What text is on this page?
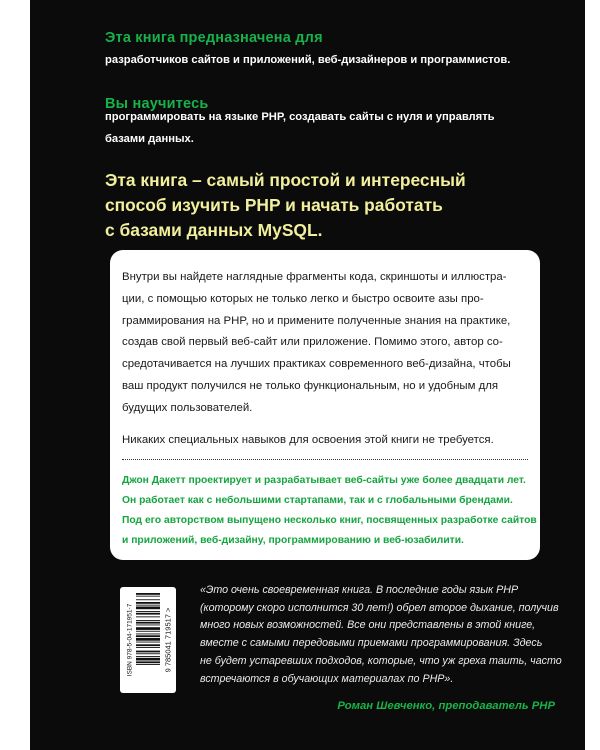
Эта книга предназначена для
разработчиков сайтов и приложений, веб-дизайнеров и программистов.
Вы научитесь
программировать на языке PHP, создавать сайты с нуля и управлять
базами данных.
Эта книга – самый простой и интересный
способ изучить PHP и начать работать
с базами данных MySQL.

Внутри вы найдете наглядные фрагменты кода, скриншоты и иллюстра-
ции, с помощью которых не только легко и быстро освоите азы про-
граммирования на PHP, но и примените полученные знания на практике,
создав свой первый веб-сайт или приложение. Помимо этого, автор со-
средотачивается на лучших практиках современного веб-дизайна, чтобы
ваш продукт получился не только функциональным, но и удобным для
будущих пользователей.

Никаких специальных навыков для освоения этой книги не требуется.
Джон Дакетт проектирует и разрабатывает веб-сайты уже более двадцати лет.
Он работает как с небольшими стартапами, так и с глобальными брендами.
Под его авторством выпущено несколько книг, посвященных разработке сайтов
и приложений, веб-дизайну, программированию и веб-юзабилити.
ISBN 978-5-04-171951-7	9 785041 719517 >
«Это очень своевременная книга. В последние годы язык PHP
(которому скоро исполнится 30 лет!) обрел второе дыхание, получив
много новых возможностей. Все они представлены в этой книге,
вместе с самыми передовыми приемами программирования. Здесь
не будет устаревших подходов, которые, что уж греха таить, часто
встречаются в обучающих материалах по PHP».
Роман Шевченко, преподаватель PHP
